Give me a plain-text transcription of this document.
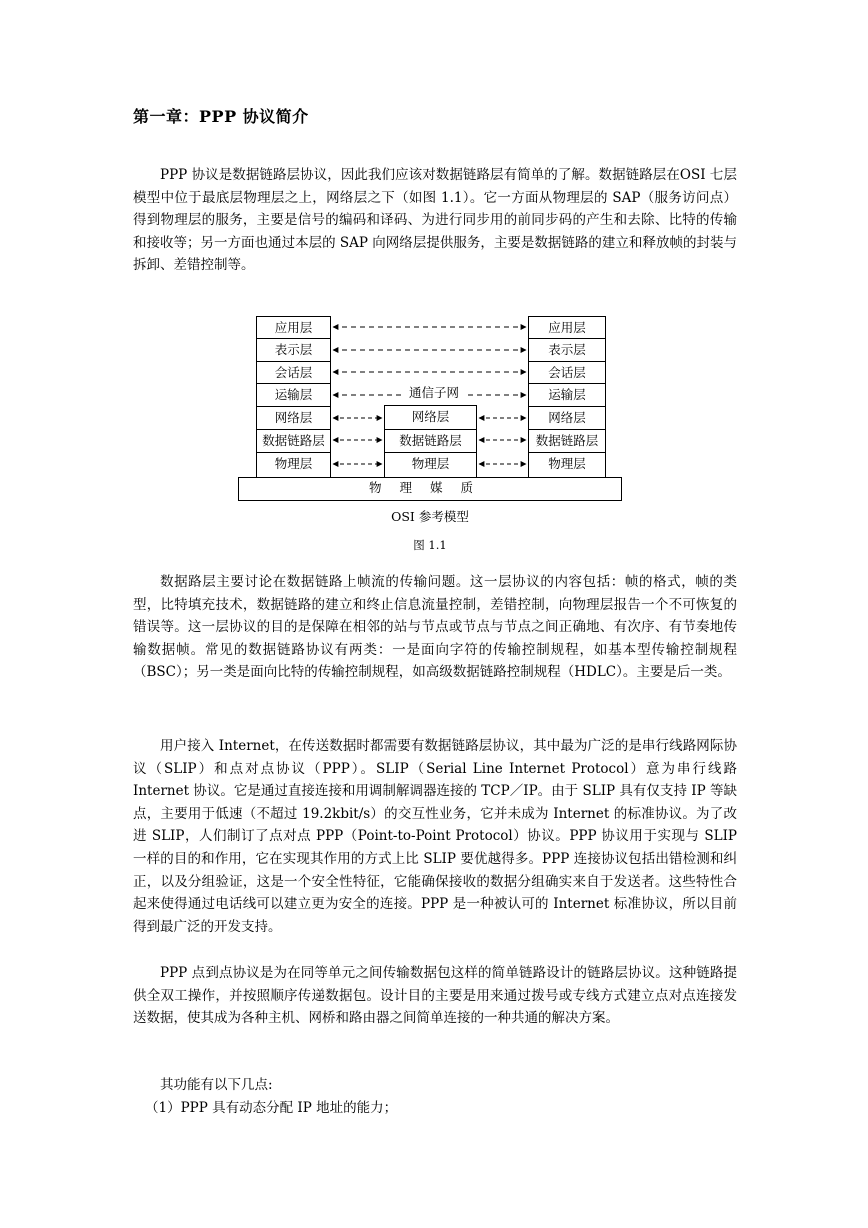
第一章：PPP 协议简介

PPP 协议是数据链路层协议，因此我们应该对数据链路层有简单的了解。数据链路层在OSI 七层模型中位于最底层物理层之上，网络层之下（如图 1.1）。它一方面从物理层的 SAP（服务访问点）得到物理层的服务，主要是信号的编码和译码、为进行同步用的前同步码的产生和去除、比特的传输和接收等；另一方面也通过本层的 SAP 向网络层提供服务，主要是数据链路的建立和释放帧的封装与拆卸、差错控制等。

应用层
表示层
会话层
运输层
网络层
数据链路层
物理层
应用层
表示层
会话层
运输层
网络层
数据链路层
物理层
网络层
数据链路层
物理层
通信子网
物理媒质
OSI 参考模型
图 1.1

数据路层主要讨论在数据链路上帧流的传输问题。这一层协议的内容包括：帧的格式，帧的类型，比特填充技术，数据链路的建立和终止信息流量控制，差错控制，向物理层报告一个不可恢复的错误等。这一层协议的目的是保障在相邻的站与节点或节点与节点之间正确地、有次序、有节奏地传输数据帧。常见的数据链路协议有两类：一是面向字符的传输控制规程，如基本型传输控制规程（BSC）；另一类是面向比特的传输控制规程，如高级数据链路控制规程（HDLC）。主要是后一类。

用户接入 Internet，在传送数据时都需要有数据链路层协议，其中最为广泛的是串行线路网际协议（SLIP）和点对点协议（PPP）。SLIP（Serial Line Internet Protocol）意为串行线路 Internet 协议。它是通过直接连接和用调制解调器连接的 TCP／IP。由于 SLIP 具有仅支持 IP 等缺点，主要用于低速（不超过 19.2kbit/s）的交互性业务，它并未成为 Internet 的标准协议。为了改进 SLIP，人们制订了点对点 PPP（Point-to-Point Protocol）协议。PPP 协议用于实现与 SLIP 一样的目的和作用，它在实现其作用的方式上比 SLIP 要优越得多。PPP 连接协议包括出错检测和纠正，以及分组验证，这是一个安全性特征，它能确保接收的数据分组确实来自于发送者。这些特性合起来使得通过电话线可以建立更为安全的连接。PPP 是一种被认可的 Internet 标准协议，所以目前得到最广泛的开发支持。

PPP 点到点协议是为在同等单元之间传输数据包这样的简单链路设计的链路层协议。这种链路提供全双工操作，并按照顺序传递数据包。设计目的主要是用来通过拨号或专线方式建立点对点连接发送数据，使其成为各种主机、网桥和路由器之间简单连接的一种共通的解决方案。

其功能有以下几点:

（1）PPP 具有动态分配 IP 地址的能力；
